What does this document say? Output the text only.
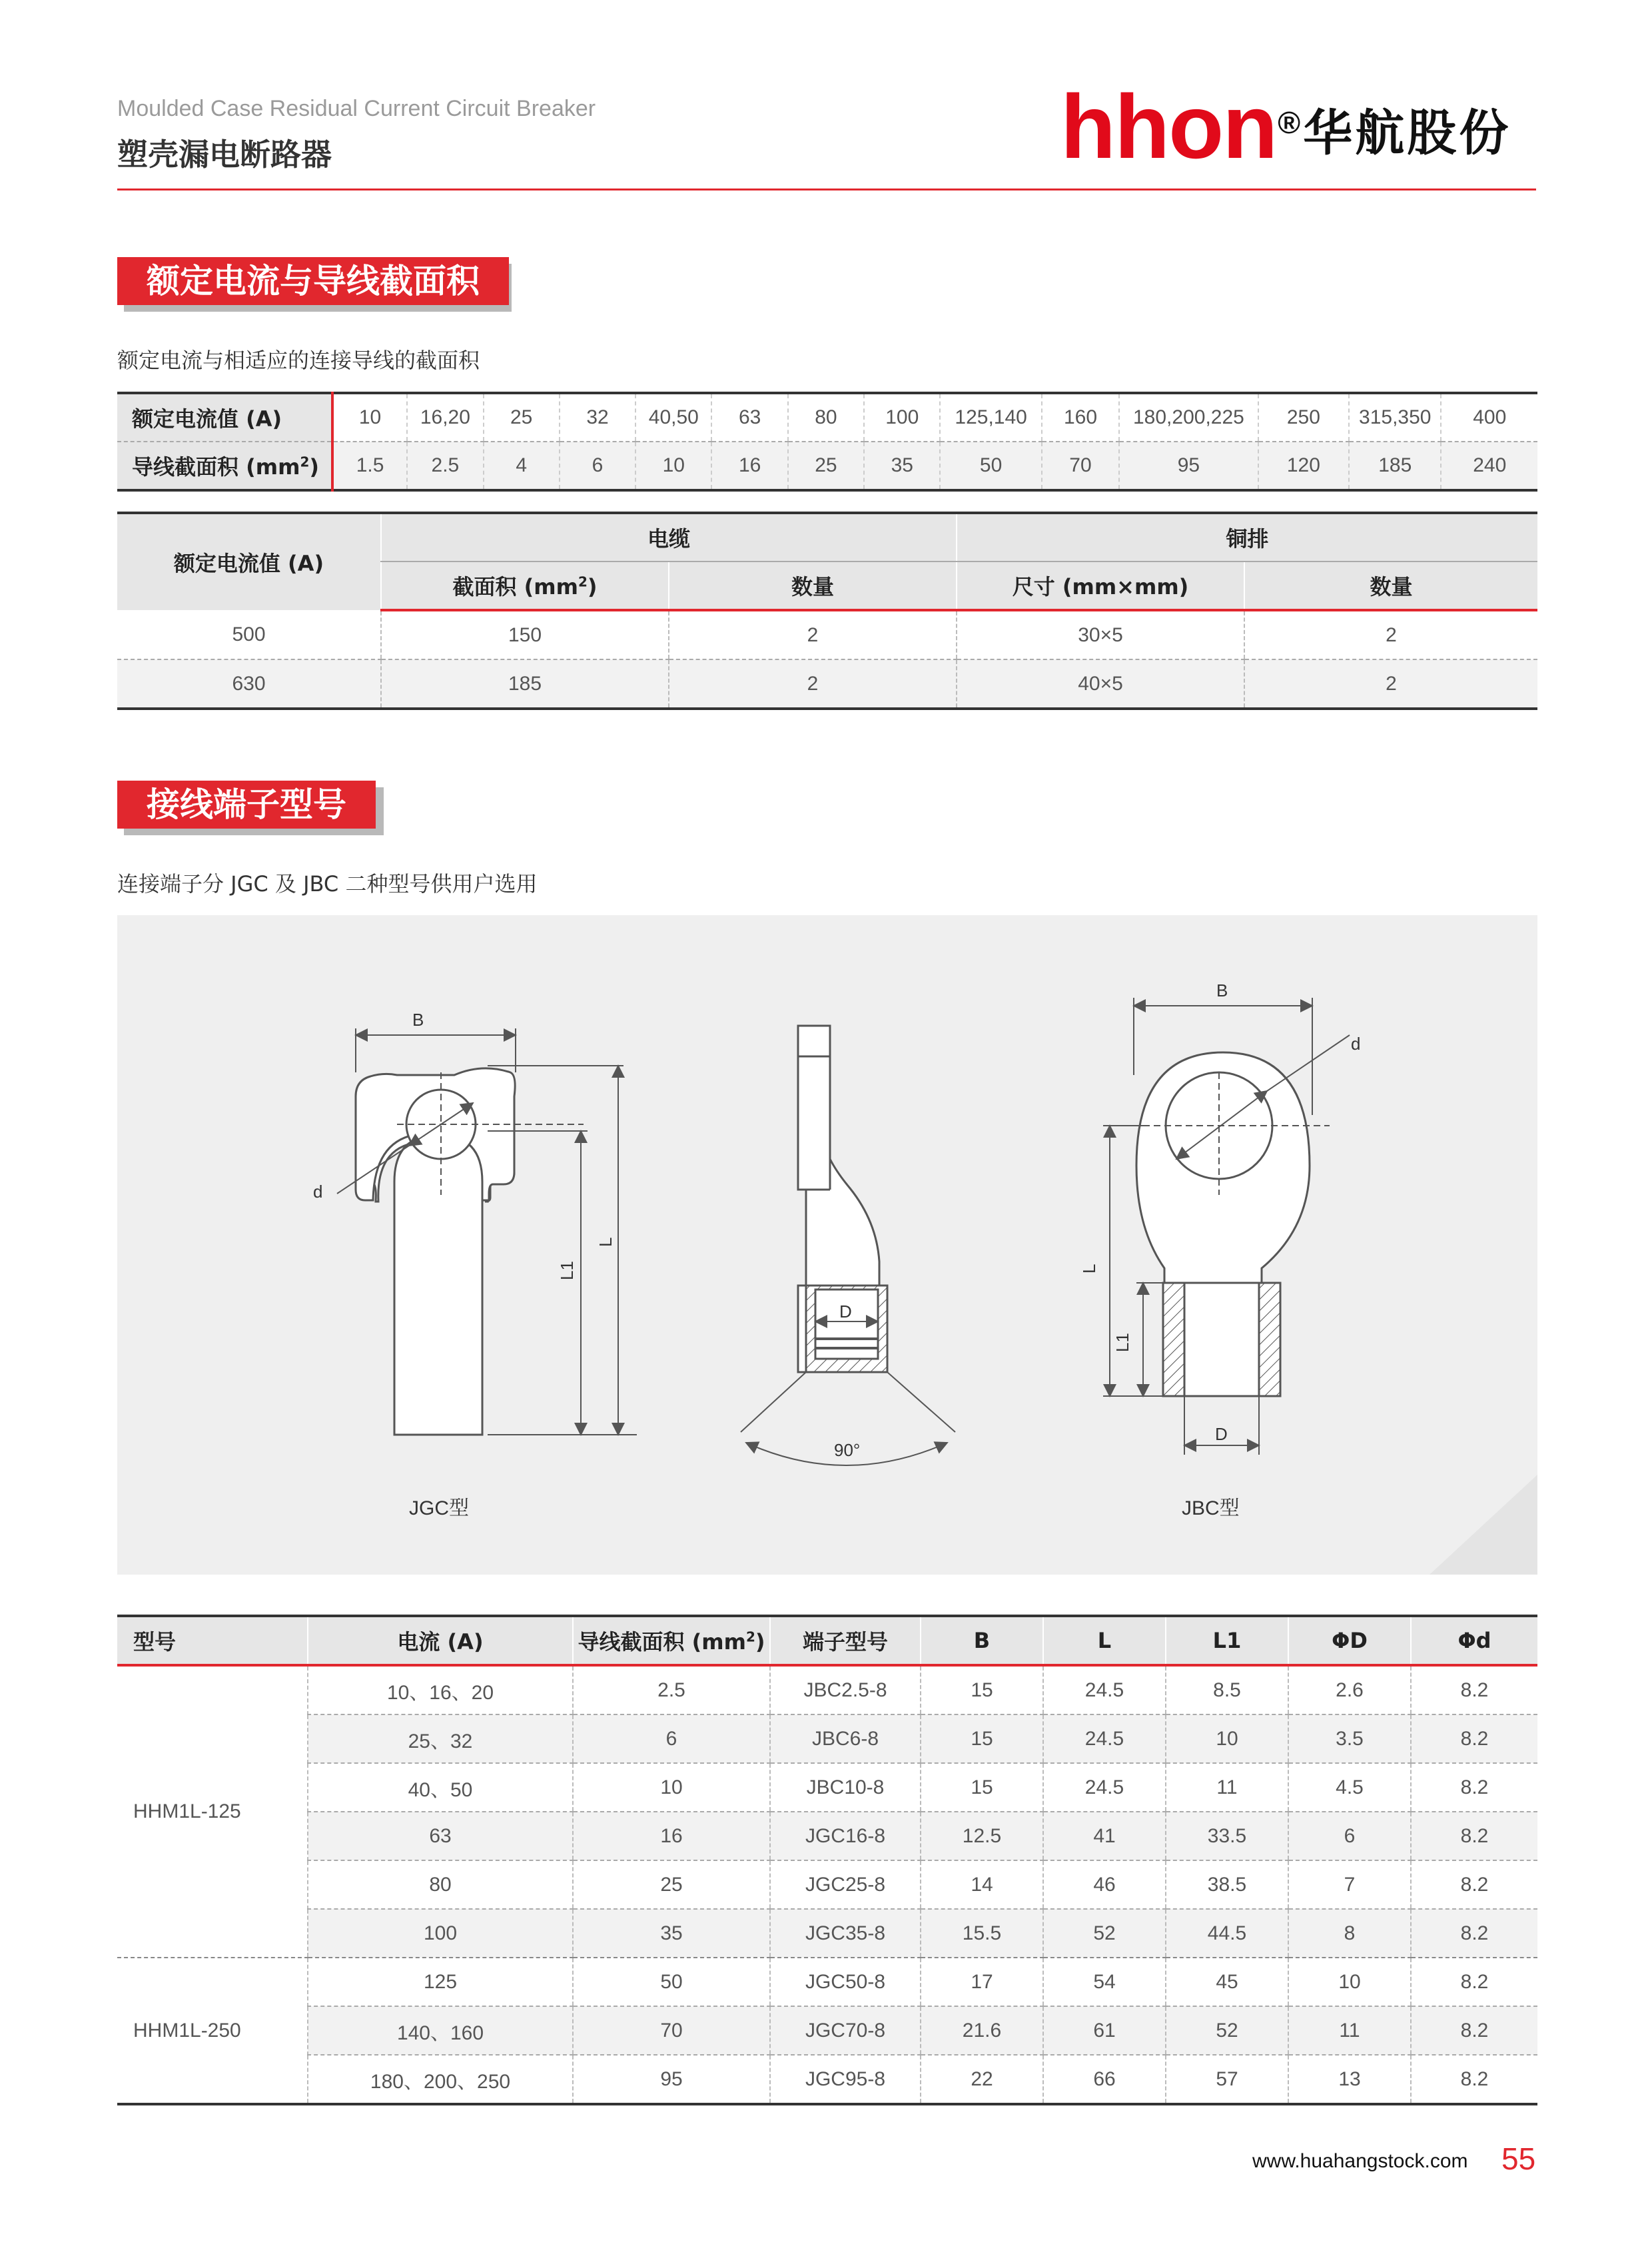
Moulded Case Residual Current Circuit Breaker
塑壳漏电断路器	hhon ® 华航股份
额定电流与导线截面积
额定电流与相适应的连接导线的截面积
额定电流值 (A)	10	16,20	25	32	40,50	63	80	100	125,140	160	180,200,225	250	315,350	400
导线截面积 $(mm^2)$	1.5	2.5	4	6	10	16	25	35	50	70	95	120	185	240
额定电流值 (A)	电缆		铜排	
	截面积 $(mm^2)$	数量	尺寸 (mm×mm)	数量
500	150	2	30×5	2
630	185	2	40×5	2
接线端子型号
连接端子分 JGC 及 JBC 二种型号供用户选用
B
d
L1
L
JGC型
D
90°
B
d
L
L1
D
JBC型
型号	电流 (A)	导线截面积 $(mm^2)$	端子型号	B	L	L1	ΦD	Φd
HHM1L-125	10、16、20	2.5	JBC2.5-8	15	24.5	8.5	2.6	8.2
	25、32	6	JBC6-8	15	24.5	10	3.5	8.2
	40、50	10	JBC10-8	15	24.5	11	4.5	8.2
	63	16	JGC16-8	12.5	41	33.5	6	8.2
	80	25	JGC25-8	14	46	38.5	7	8.2
	100	35	JGC35-8	15.5	52	44.5	8	8.2
HHM1L-250	125	50	JGC50-8	17	54	45	10	8.2
	140、160	70	JGC70-8	21.6	61	52	11	8.2
	180、200、250	95	JGC95-8	22	66	57	13	8.2
www.huahangstock.com 55
